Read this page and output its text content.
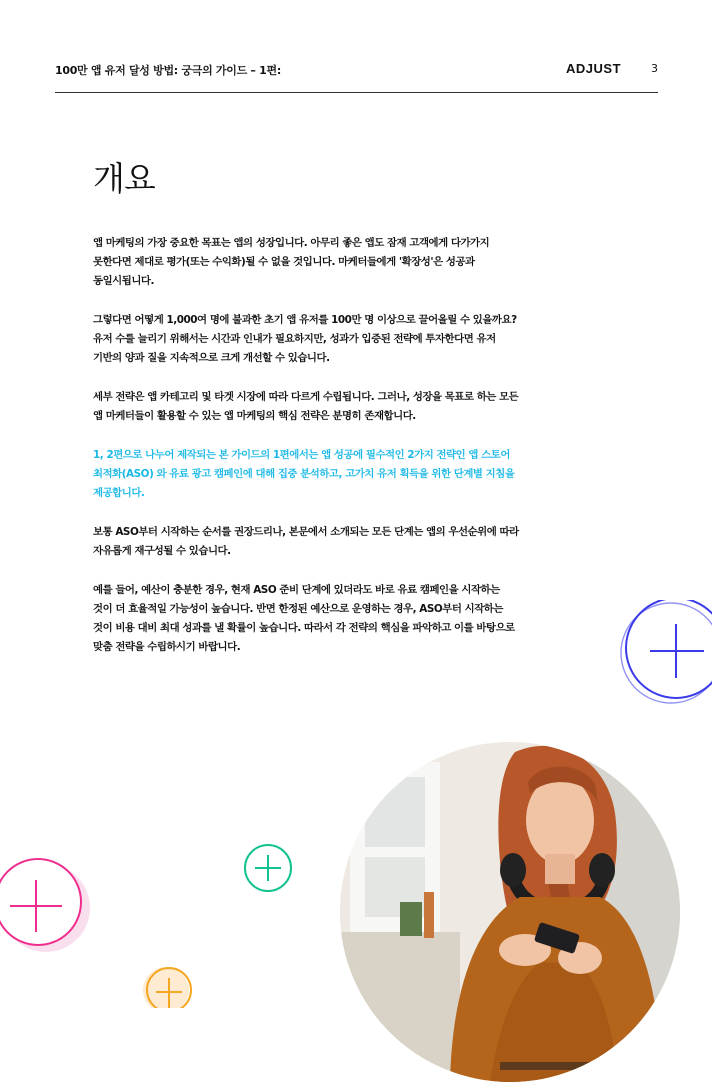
100만 앱 유저 달성 방법: 궁극의 가이드 – 1편:	ADJUST	3
개요

앱 마케팅의 가장 중요한 목표는 앱의 성장입니다. 아무리 좋은 앱도 잠재 고객에게 다가가지
못한다면 제대로 평가(또는 수익화)될 수 없을 것입니다. 마케터들에게 '확장성'은 성공과
동일시됩니다.

그렇다면 어떻게 1,000여 명에 불과한 초기 앱 유저를 100만 명 이상으로 끌어올릴 수 있을까요?
유저 수를 늘리기 위해서는 시간과 인내가 필요하지만, 성과가 입증된 전략에 투자한다면 유저
기반의 양과 질을 지속적으로 크게 개선할 수 있습니다.

세부 전략은 앱 카테고리 및 타겟 시장에 따라 다르게 수립됩니다. 그러나, 성장을 목표로 하는 모든
앱 마케터들이 활용할 수 있는 앱 마케팅의 핵심 전략은 분명히 존재합니다.

1, 2편으로 나누어 제작되는 본 가이드의 1편에서는 앱 성공에 필수적인 2가지 전략인 앱 스토어
최적화(ASO) 와 유료 광고 캠페인에 대해 집중 분석하고, 고가치 유저 획득을 위한 단계별 지침을
제공합니다.

보통 ASO부터 시작하는 순서를 권장드리나, 본문에서 소개되는 모든 단계는 앱의 우선순위에 따라
자유롭게 재구성될 수 있습니다.

예를 들어, 예산이 충분한 경우, 현재 ASO 준비 단계에 있더라도 바로 유료 캠페인을 시작하는
것이 더 효율적일 가능성이 높습니다. 반면 한정된 예산으로 운영하는 경우, ASO부터 시작하는
것이 비용 대비 최대 성과를 낼 확률이 높습니다. 따라서 각 전략의 핵심을 파악하고 이를 바탕으로
맞춤 전략을 수립하시기 바랍니다.
